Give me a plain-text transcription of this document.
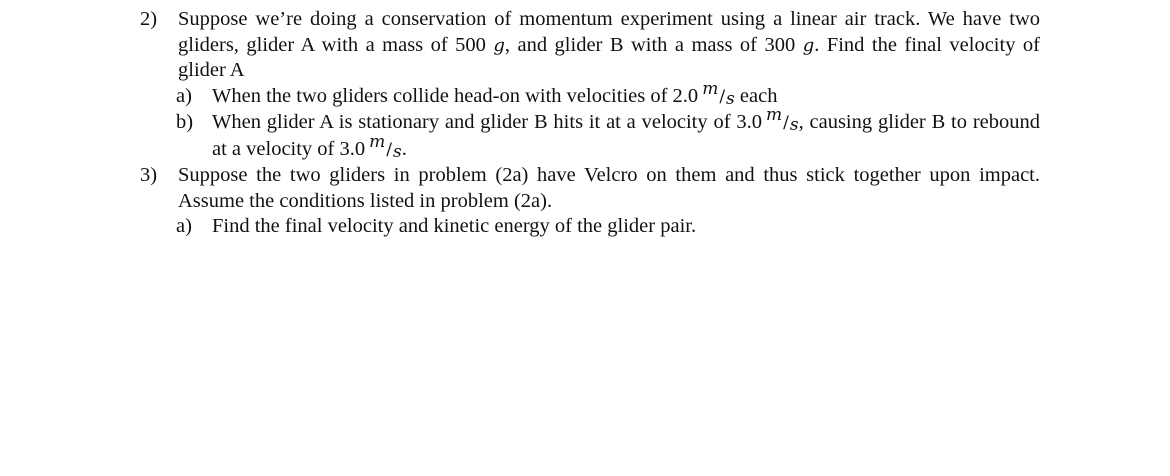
2) Suppose we’re doing a conservation of momentum experiment using a linear air track. We have two gliders, glider A with a mass of 500 g, and glider B with a mass of 300 g. Find the final velocity of glider A
a) When the two gliders collide head-on with velocities of 2.0 m/s each
b) When glider A is stationary and glider B hits it at a velocity of 3.0 m/s, causing glider B to rebound at a velocity of 3.0 m/s.
3) Suppose the two gliders in problem (2a) have Velcro on them and thus stick together upon impact. Assume the conditions listed in problem (2a).
a) Find the final velocity and kinetic energy of the glider pair.
